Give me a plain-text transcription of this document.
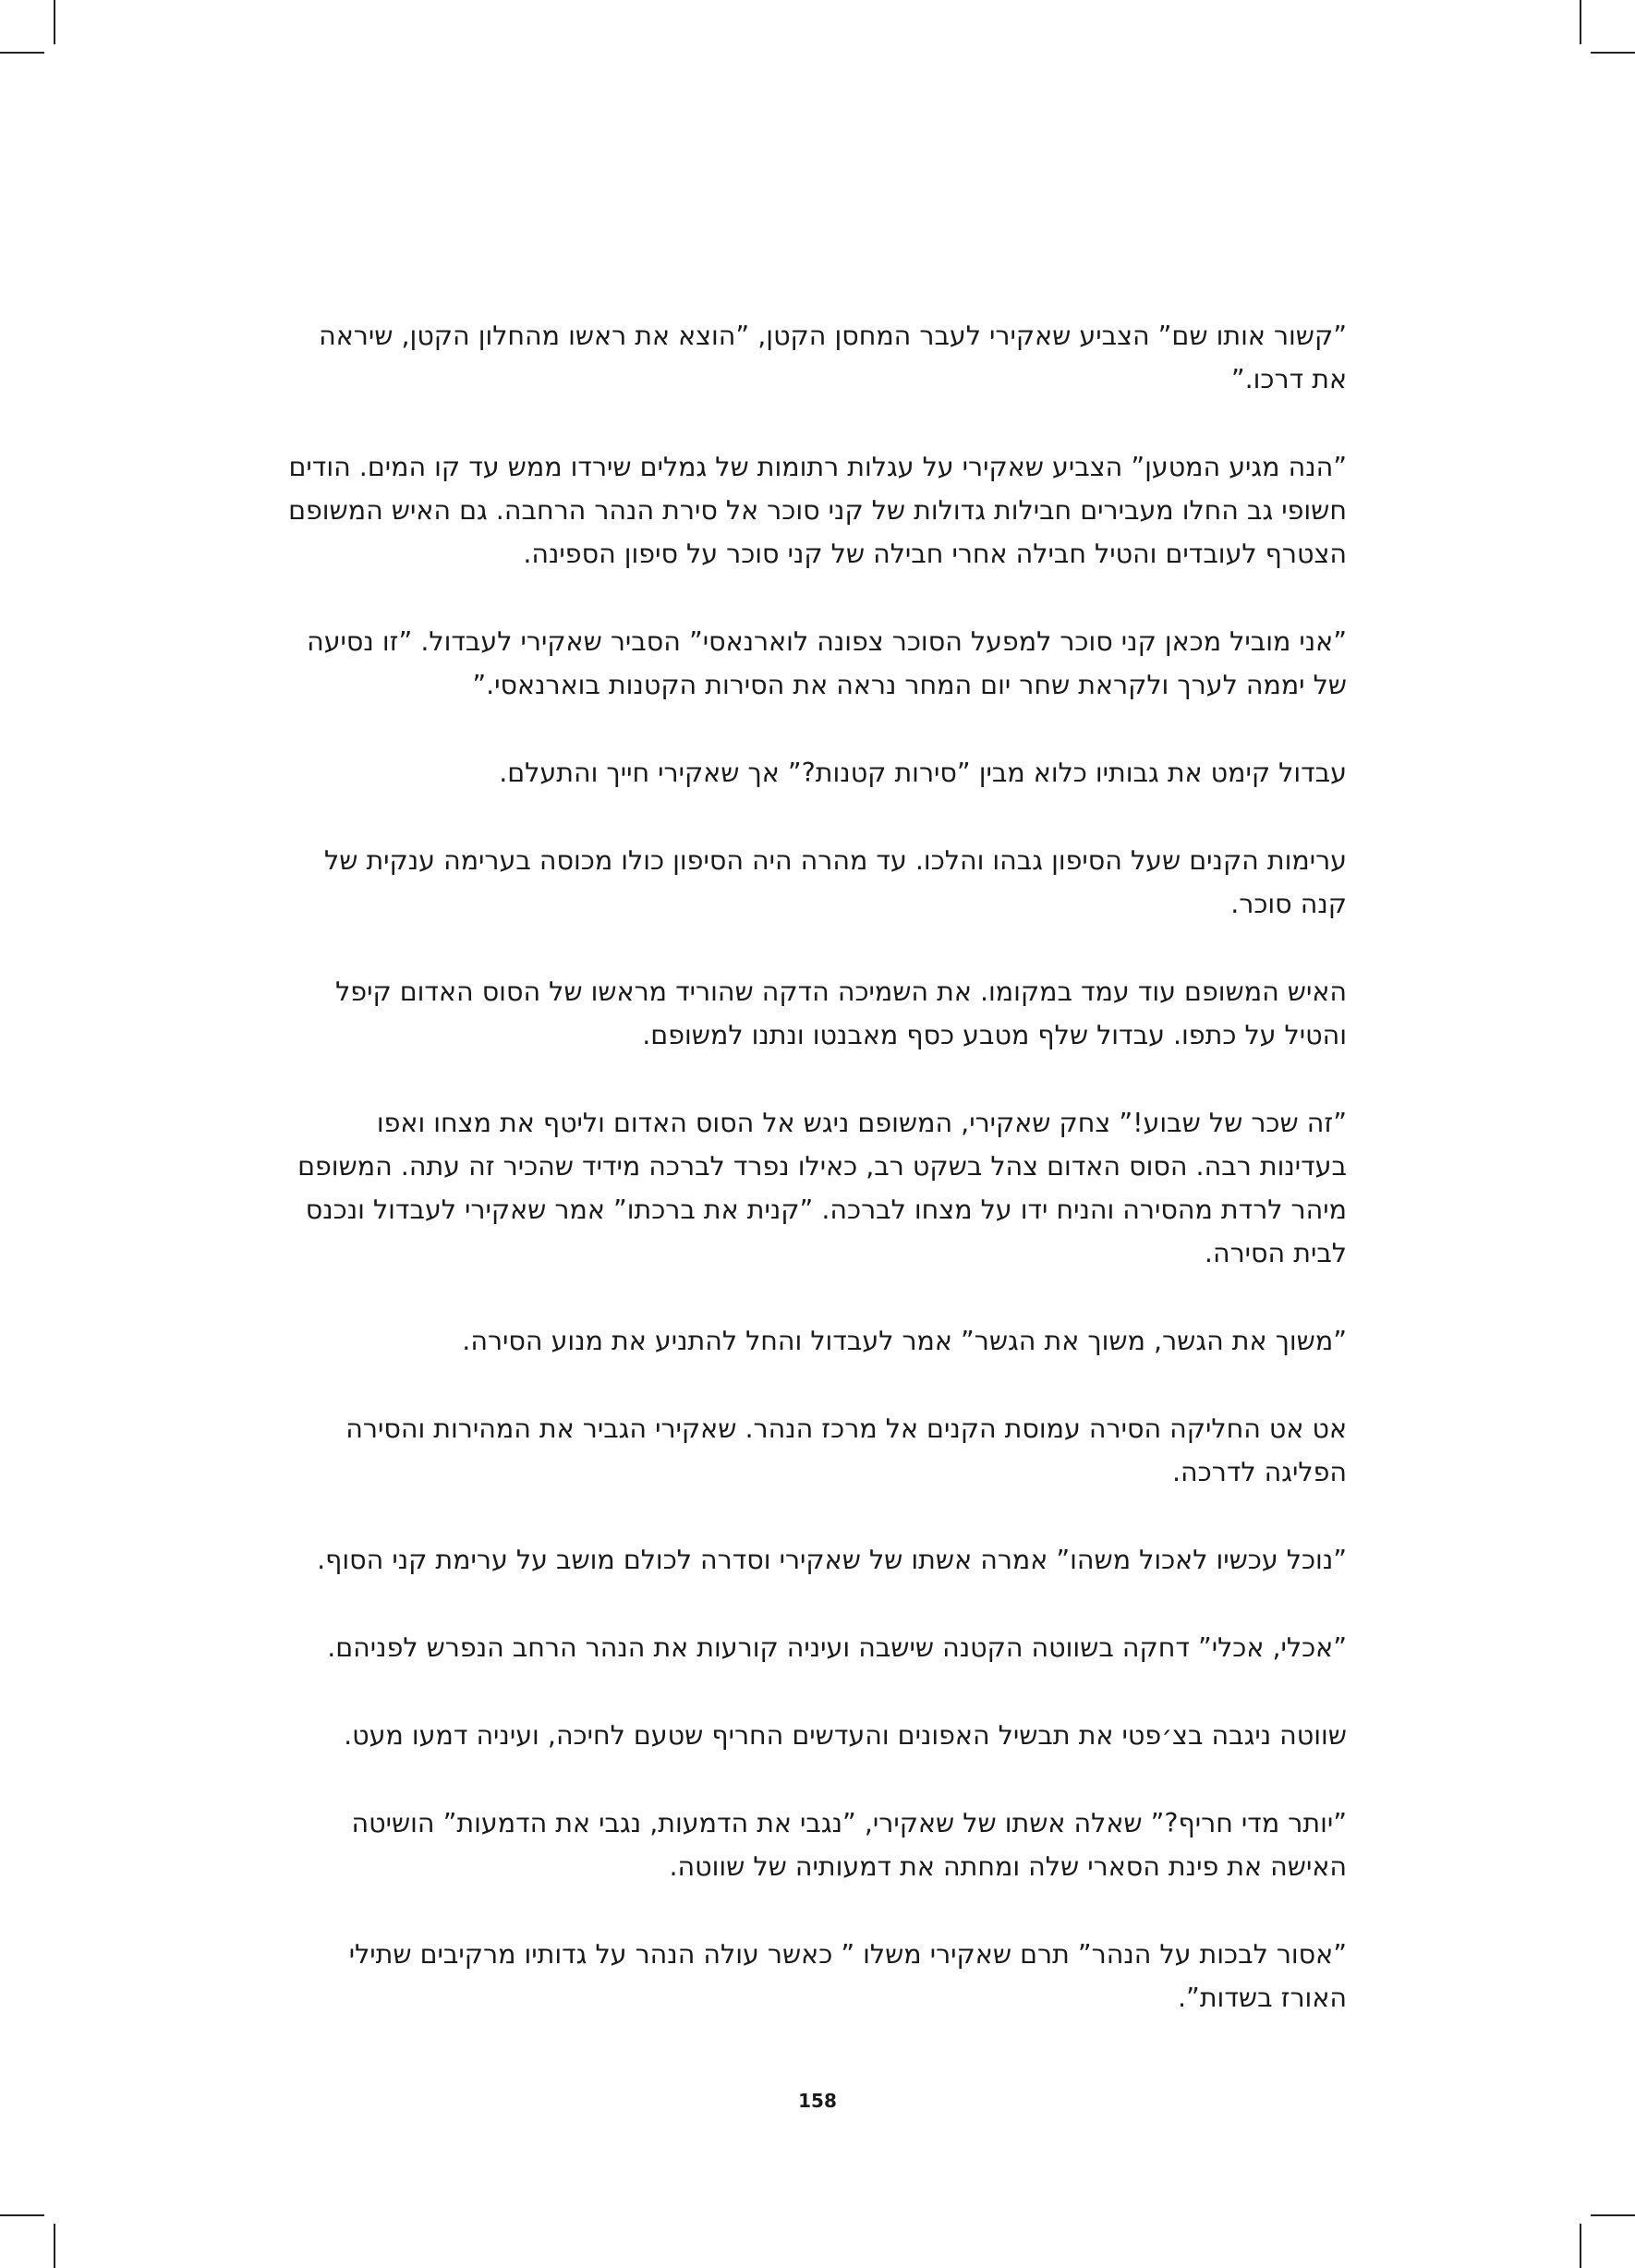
”קשור אותו שם” הצביע שאקירי לעבר המחסן הקטן, ”הוצא את ראשו מהחלון הקטן, שיראה את דרכו.”

”הנה מגיע המטען” הצביע שאקירי על עגלות רתומות של גמלים שירדו ממש עד קו המים. הודים חשופי גב החלו מעבירים חבילות גדולות של קני סוכר אל סירת הנהר הרחבה. גם האיש המשופם הצטרף לעובדים והטיל חבילה אחרי חבילה של קני סוכר על סיפון הספינה.

”אני מוביל מכאן קני סוכר למפעל הסוכר צפונה לוארנאסי” הסביר שאקירי לעבדול. ”זו נסיעה של יממה לערך ולקראת שחר יום המחר נראה את הסירות הקטנות בוארנאסי.”

עבדול קימט את גבותיו כלוא מבין ”סירות קטנות?” אך שאקירי חייך והתעלם.

ערימות הקנים שעל הסיפון גבהו והלכו. עד מהרה היה הסיפון כולו מכוסה בערימה ענקית של קנה סוכר.

האיש המשופם עוד עמד במקומו. את השמיכה הדקה שהוריד מראשו של הסוס האדום קיפל והטיל על כתפו. עבדול שלף מטבע כסף מאבנטו ונתנו למשופם.

”זה שכר של שבוע!” צחק שאקירי, המשופם ניגש אל הסוס האדום וליטף את מצחו ואפו בעדינות רבה. הסוס האדום צהל בשקט רב, כאילו נפרד לברכה מידיד שהכיר זה עתה. המשופם מיהר לרדת מהסירה והניח ידו על מצחו לברכה. ”קנית את ברכתו” אמר שאקירי לעבדול ונכנס לבית הסירה.

”משוך את הגשר, משוך את הגשר” אמר לעבדול והחל להתניע את מנוע הסירה.

אט אט החליקה הסירה עמוסת הקנים אל מרכז הנהר. שאקירי הגביר את המהירות והסירה הפליגה לדרכה.

”נוכל עכשיו לאכול משהו” אמרה אשתו של שאקירי וסדרה לכולם מושב על ערימת קני הסוף.

”אכלי, אכלי” דחקה בשווטה הקטנה שישבה ועיניה קורעות את הנהר הרחב הנפרש לפניהם.

שווטה ניגבה בצ׳פטי את תבשיל האפונים והעדשים החריף שטעם לחיכה, ועיניה דמעו מעט.

”יותר מדי חריף?” שאלה אשתו של שאקירי, ”נגבי את הדמעות, נגבי את הדמעות” הושיטה האישה את פינת הסארי שלה ומחתה את דמעותיה של שווטה.

”אסור לבכות על הנהר” תרם שאקירי משלו ” כאשר עולה הנהר על גדותיו מרקיבים שתילי האורז בשדות”.

158
